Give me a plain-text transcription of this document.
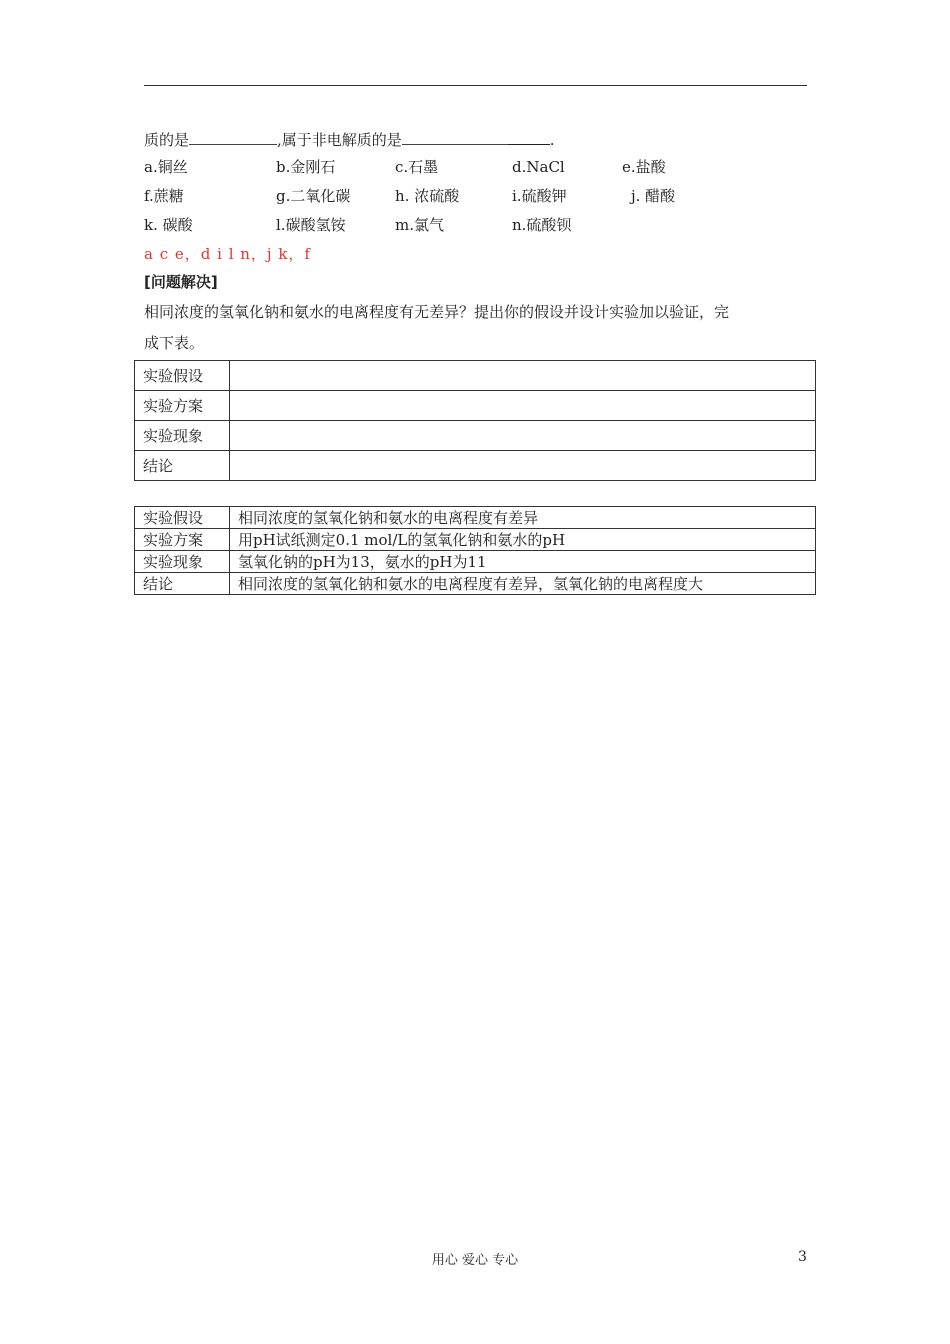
质的是	,属于非电解质的是	.
a.铜丝	b.金刚石	c.石墨	d.NaCl	e.盐酸
f.蔗糖	g.二氧化碳	h. 浓硫酸	i.硫酸钾	j. 醋酸
k. 碳酸	l.碳酸氢铵	m.氯气	n.硫酸钡
a c e，d i l n，j k，f
[问题解决]
相同浓度的氢氧化钠和氨水的电离程度有无差异？提出你的假设并设计实验加以验证，完
成下表。
实验假设	
实验方案	
实验现象	
结论	
实验假设	相同浓度的氢氧化钠和氨水的电离程度有差异
实验方案	用pH试纸测定0.1 mol/L的氢氧化钠和氨水的pH
实验现象	氢氧化钠的pH为13，氨水的pH为11
结论	相同浓度的氢氧化钠和氨水的电离程度有差异，氢氧化钠的电离程度大
用心 爱心 专心	3
